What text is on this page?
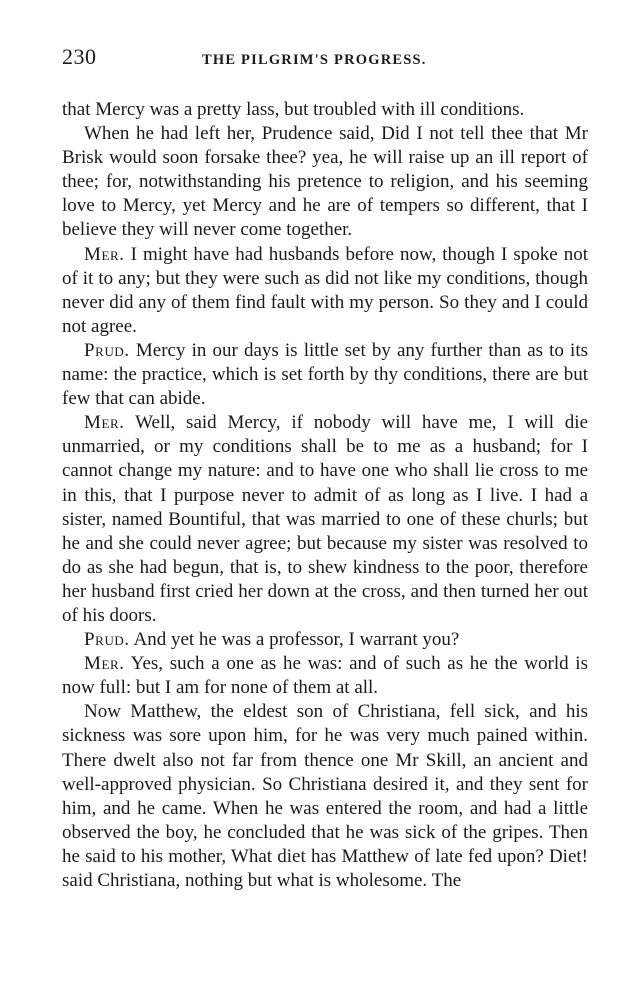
230	THE PILGRIM'S PROGRESS.

that Mercy was a pretty lass, but troubled with ill conditions.

When he had left her, Prudence said, Did I not tell thee that Mr Brisk would soon forsake thee? yea, he will raise up an ill report of thee; for, notwithstanding his pretence to religion, and his seeming love to Mercy, yet Mercy and he are of tempers so different, that I believe they will never come together.

Mer. I might have had husbands before now, though I spoke not of it to any; but they were such as did not like my conditions, though never did any of them find fault with my person. So they and I could not agree.

Prud. Mercy in our days is little set by any further than as to its name: the practice, which is set forth by thy conditions, there are but few that can abide.

Mer. Well, said Mercy, if nobody will have me, I will die unmarried, or my conditions shall be to me as a husband; for I cannot change my nature: and to have one who shall lie cross to me in this, that I purpose never to admit of as long as I live. I had a sister, named Bountiful, that was married to one of these churls; but he and she could never agree; but because my sister was resolved to do as she had begun, that is, to shew kindness to the poor, therefore her husband first cried her down at the cross, and then turned her out of his doors.

Prud. And yet he was a professor, I warrant you?

Mer. Yes, such a one as he was: and of such as he the world is now full: but I am for none of them at all.

Now Matthew, the eldest son of Christiana, fell sick, and his sickness was sore upon him, for he was very much pained within. There dwelt also not far from thence one Mr Skill, an ancient and well-approved physician. So Christiana desired it, and they sent for him, and he came. When he was entered the room, and had a little observed the boy, he concluded that he was sick of the gripes. Then he said to his mother, What diet has Matthew of late fed upon? Diet! said Christiana, nothing but what is wholesome. The
